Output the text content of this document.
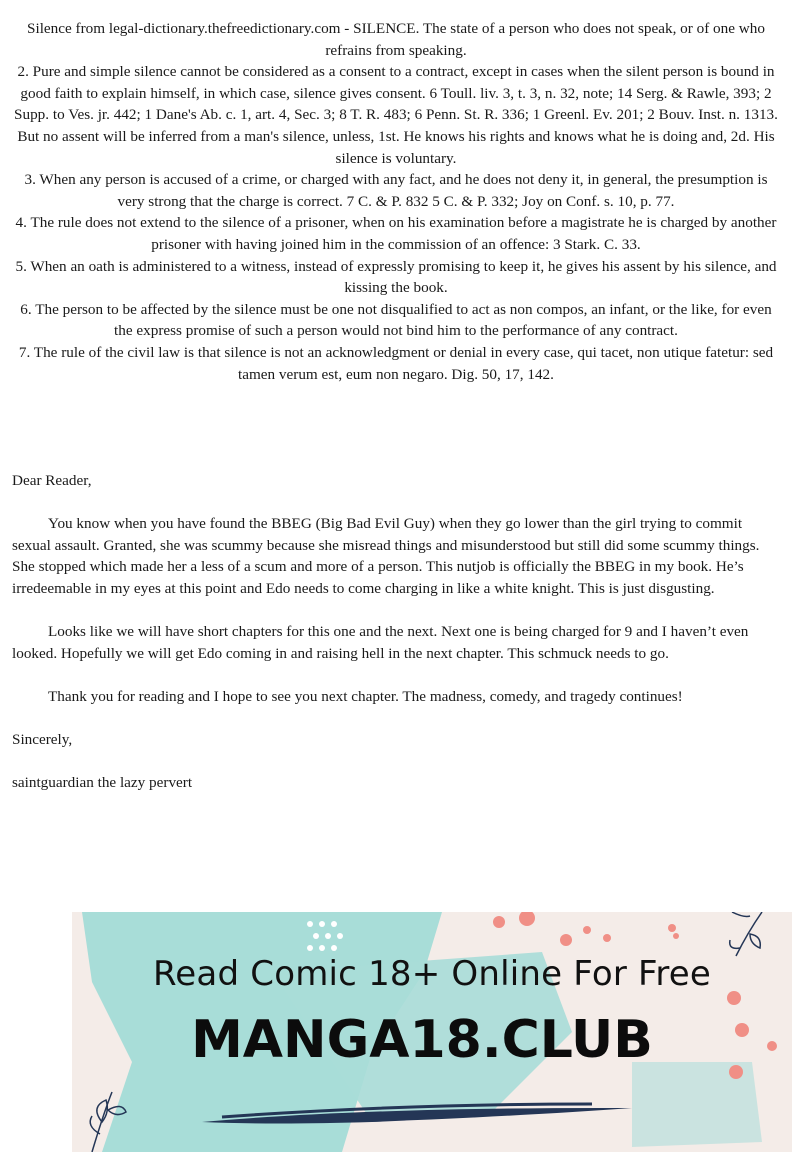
Silence from legal-dictionary.thefreedictionary.com - SILENCE. The state of a person who does not speak, or of one who refrains from speaking.

2. Pure and simple silence cannot be considered as a consent to a contract, except in cases when the silent person is bound in good faith to explain himself, in which case, silence gives consent. 6 Toull. liv. 3, t. 3, n. 32, note; 14 Serg. & Rawle, 393; 2 Supp. to Ves. jr. 442; 1 Dane's Ab. c. 1, art. 4, Sec. 3; 8 T. R. 483; 6 Penn. St. R. 336; 1 Greenl. Ev. 201; 2 Bouv. Inst. n. 1313. But no assent will be inferred from a man's silence, unless, 1st. He knows his rights and knows what he is doing and, 2d. His silence is voluntary.

3. When any person is accused of a crime, or charged with any fact, and he does not deny it, in general, the presumption is very strong that the charge is correct. 7 C. & P. 832 5 C. & P. 332; Joy on Conf. s. 10, p. 77.

4. The rule does not extend to the silence of a prisoner, when on his examination before a magistrate he is charged by another prisoner with having joined him in the commission of an offence: 3 Stark. C. 33.

5. When an oath is administered to a witness, instead of expressly promising to keep it, he gives his assent by his silence, and kissing the book.

6. The person to be affected by the silence must be one not disqualified to act as non compos, an infant, or the like, for even the express promise of such a person would not bind him to the performance of any contract.

7. The rule of the civil law is that silence is not an acknowledgment or denial in every case, qui tacet, non utique fatetur: sed tamen verum est, eum non negaro. Dig. 50, 17, 142.

Dear Reader,

You know when you have found the BBEG (Big Bad Evil Guy) when they go lower than the girl trying to commit sexual assault. Granted, she was scummy because she misread things and misunderstood but still did some scummy things. She stopped which made her a less of a scum and more of a person. This nutjob is officially the BBEG in my book. He’s irredeemable in my eyes at this point and Edo needs to come charging in like a white knight. This is just disgusting.

Looks like we will have short chapters for this one and the next. Next one is being charged for 9 and I haven’t even looked. Hopefully we will get Edo coming in and raising hell in the next chapter. This schmuck needs to go.

Thank you for reading and I hope to see you next chapter. The madness, comedy, and tragedy continues!

Sincerely,

saintguardian the lazy pervert

Read Comic 18+ Online For Free
MANGA18.CLUB
